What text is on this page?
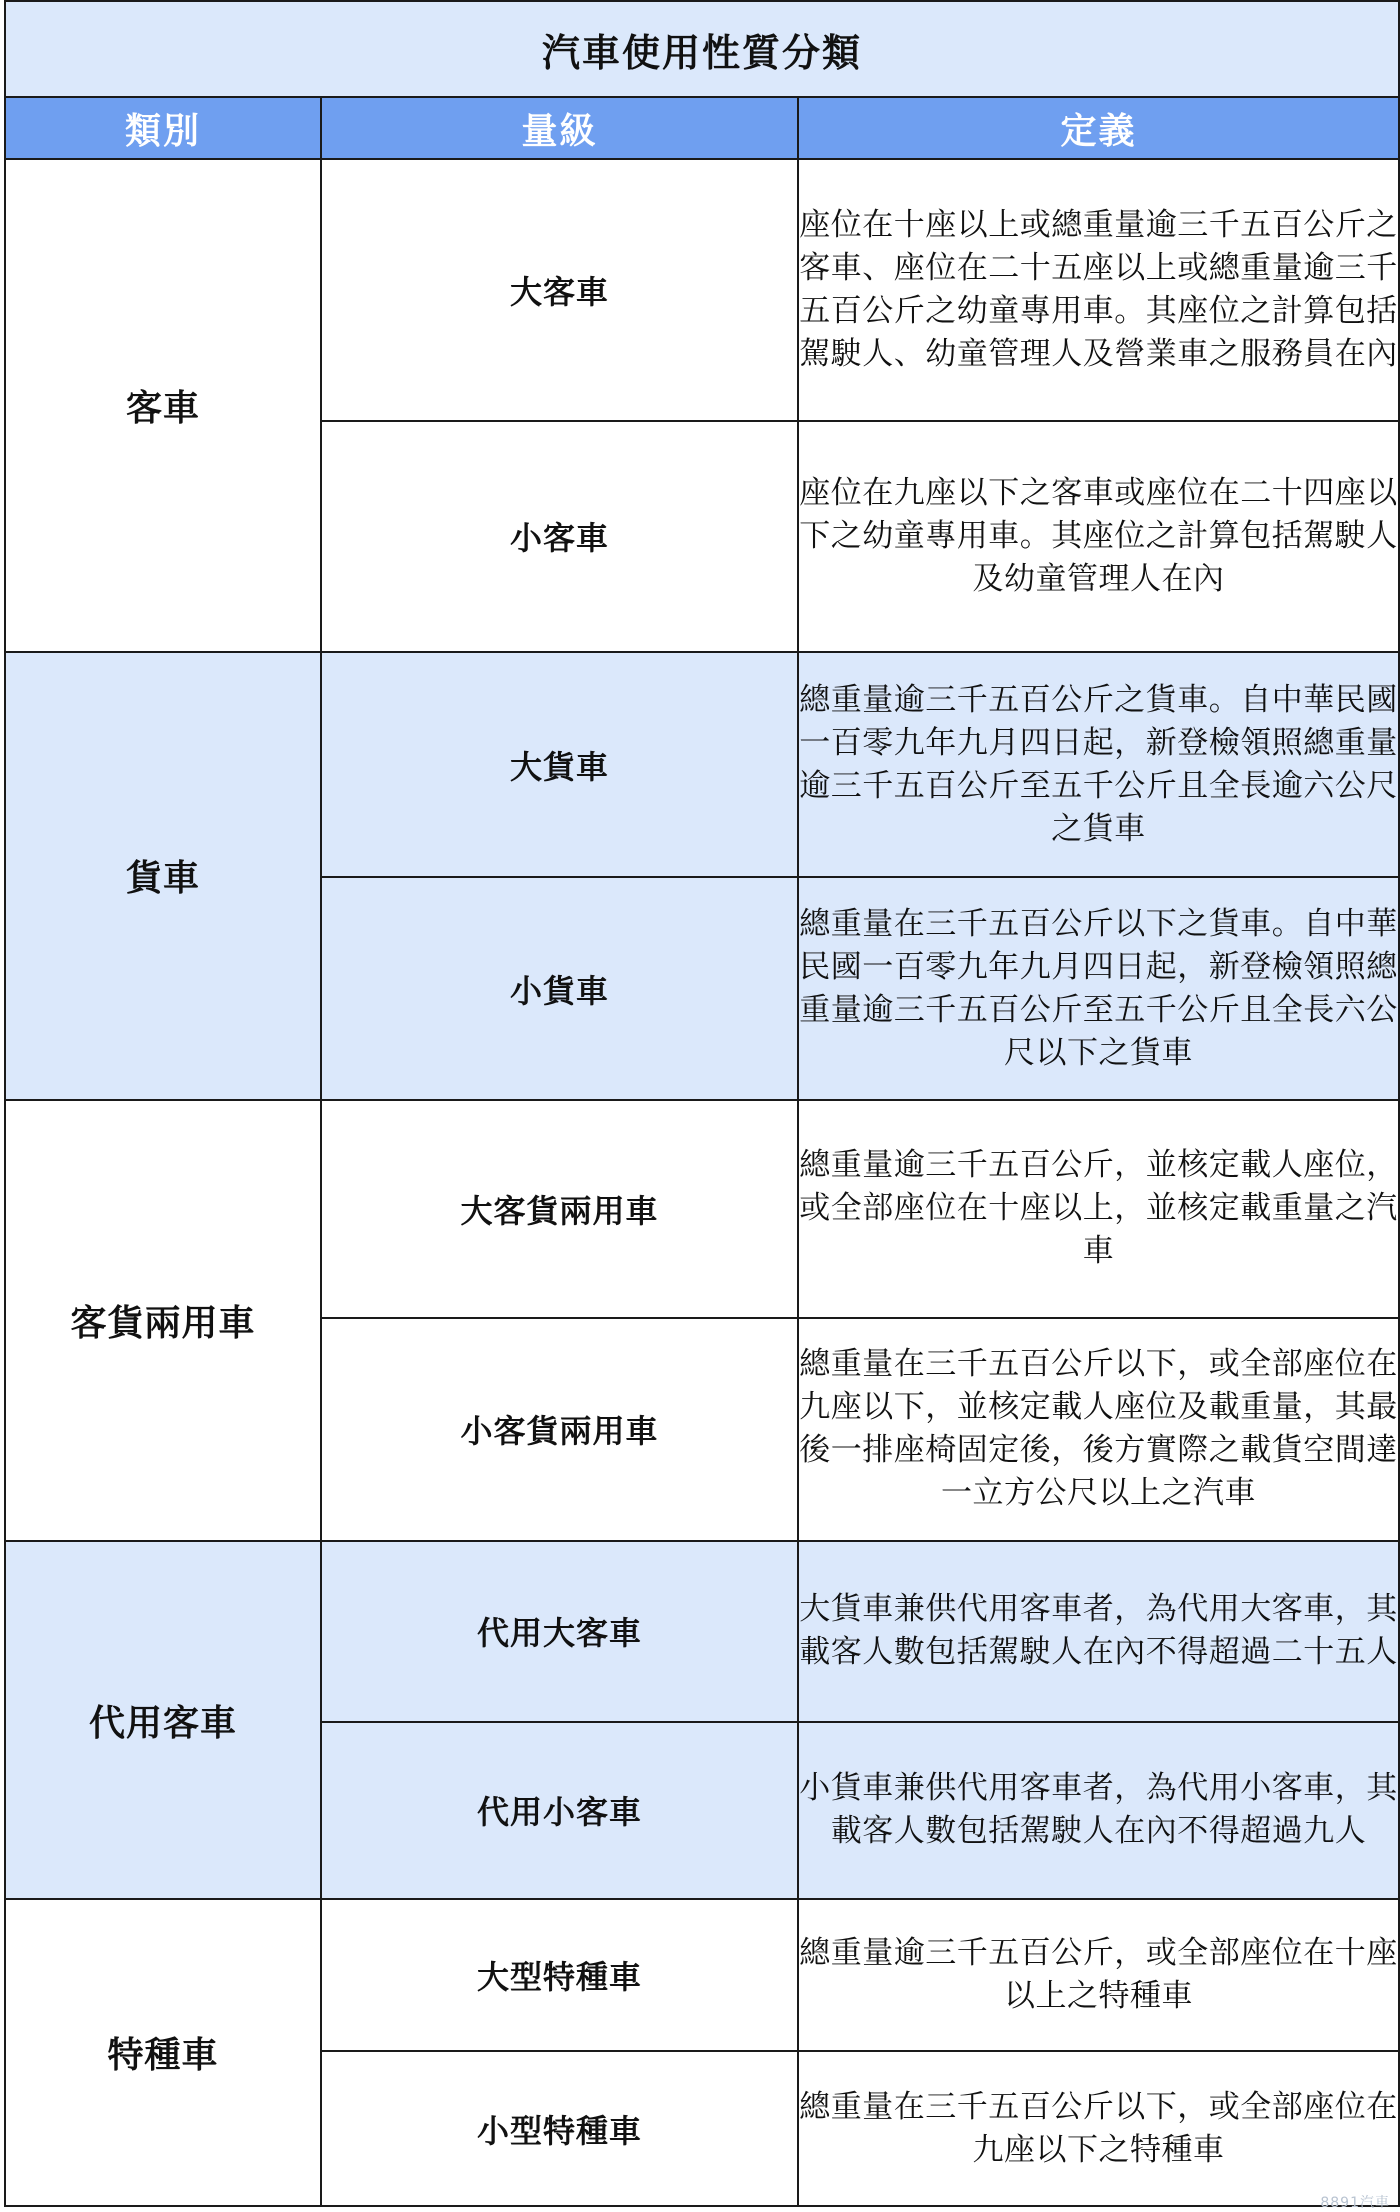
汽車使用性質分類		
類別	量級	定義
客車	大客車	座位在十座以上或總重量逾三千五百公斤之客車、座位在二十五座以上或總重量逾三千五百公斤之幼童專用車。其座位之計算包括駕駛人、幼童管理人及營業車之服務員在內
	小客車	座位在九座以下之客車或座位在二十四座以下之幼童專用車。其座位之計算包括駕駛人及幼童管理人在內
貨車	大貨車	總重量逾三千五百公斤之貨車。自中華民國一百零九年九月四日起，新登檢領照總重量逾三千五百公斤至五千公斤且全長逾六公尺之貨車
	小貨車	總重量在三千五百公斤以下之貨車。自中華民國一百零九年九月四日起，新登檢領照總重量逾三千五百公斤至五千公斤且全長六公尺以下之貨車
客貨兩用車	大客貨兩用車	總重量逾三千五百公斤，並核定載人座位，或全部座位在十座以上，並核定載重量之汽車
	小客貨兩用車	總重量在三千五百公斤以下，或全部座位在九座以下，並核定載人座位及載重量，其最後一排座椅固定後，後方實際之載貨空間達一立方公尺以上之汽車
代用客車	代用大客車	大貨車兼供代用客車者，為代用大客車，其載客人數包括駕駛人在內不得超過二十五人
	代用小客車	小貨車兼供代用客車者，為代用小客車，其載客人數包括駕駛人在內不得超過九人
特種車	大型特種車	總重量逾三千五百公斤，或全部座位在十座以上之特種車
	小型特種車	總重量在三千五百公斤以下，或全部座位在九座以下之特種車
8891汽車
